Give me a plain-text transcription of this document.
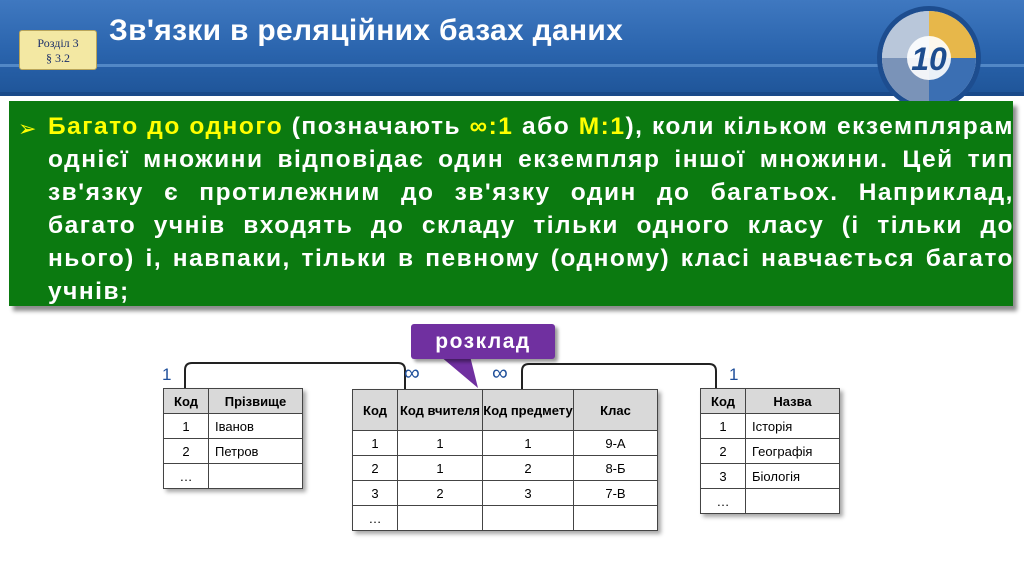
Розділ 3
§ 3.2
Зв'язки в реляційних базах даних
10
➢ Багато до одного (позначають ∞:1 або М:1), коли кільком екземплярам однієї множини відповідає один екземпляр іншої множини. Цей тип зв'язку є протилежним до зв'язку один до багатьох. Наприклад, багато учнів входять до складу тільки одного класу (і тільки до нього) і, навпаки, тільки в певному (одному) класі навчається багато учнів;
розклад
1	∞	∞	1
Код	Прізвище
1	Іванов
2	Петров
…	
Код	Код вчителя	Код предмету	Клас
1	1	1	9-А
2	1	2	8-Б
3	2	3	7-В
…			
Код	Назва
1	Історія
2	Географія
3	Біологія
…	
